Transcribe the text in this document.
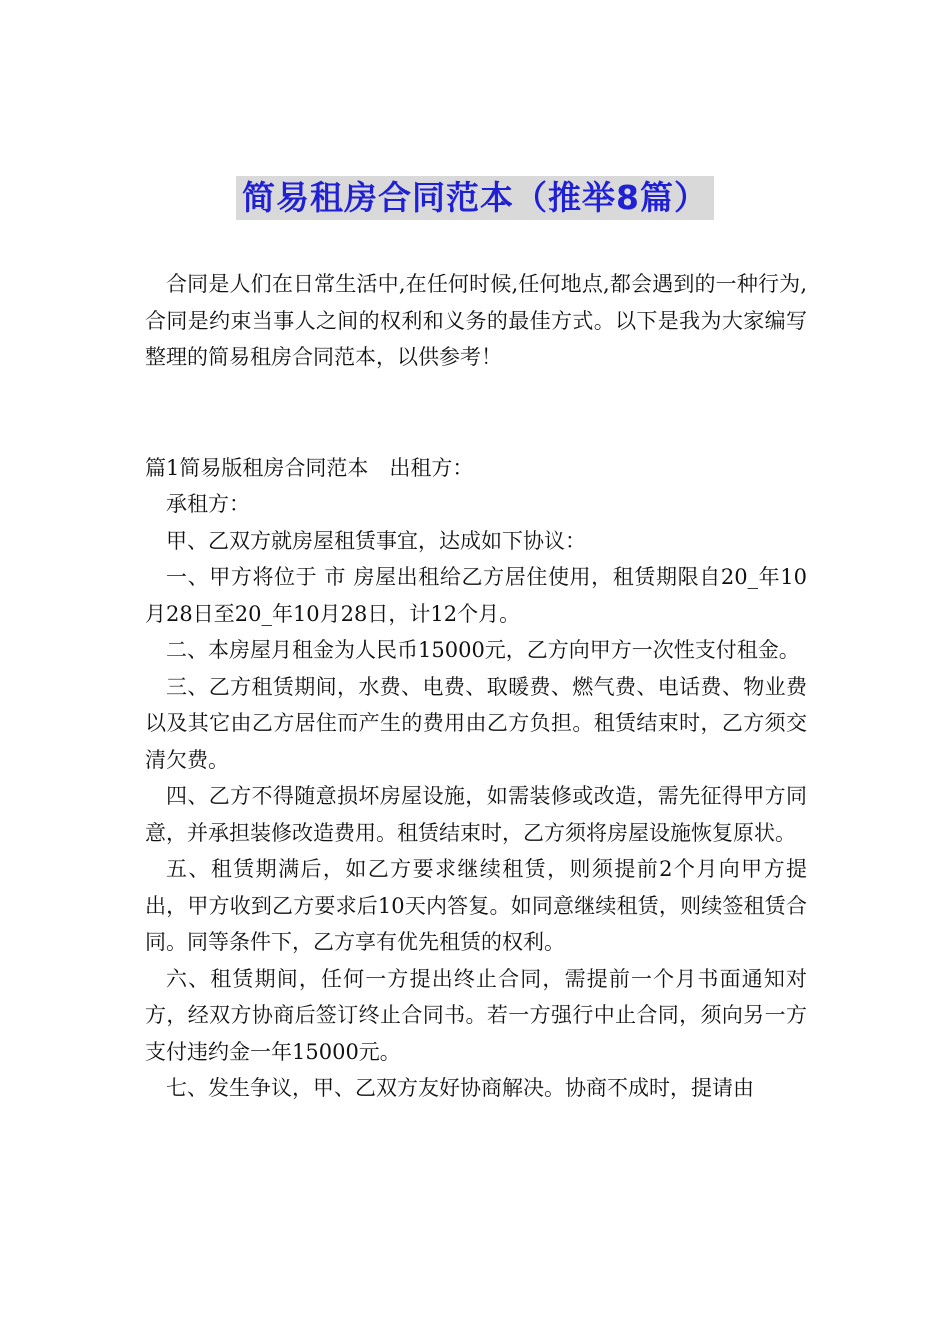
简易租房合同范本（推举8篇）

合同是人们在日常生活中,在任何时候,任何地点,都会遇到的一种行为,合同是约束当事人之间的权利和义务的最佳方式。以下是我为大家编写整理的简易租房合同范本，以供参考！

篇1简易版租房合同范本　出租方：

承租方：

甲、乙双方就房屋租赁事宜，达成如下协议：

一、甲方将位于 市 房屋出租给乙方居住使用，租赁期限自20_年10月28日至20_年10月28日，计12个月。

二、本房屋月租金为人民币15000元，乙方向甲方一次性支付租金。

三、乙方租赁期间，水费、电费、取暖费、燃气费、电话费、物业费以及其它由乙方居住而产生的费用由乙方负担。租赁结束时，乙方须交清欠费。

四、乙方不得随意损坏房屋设施，如需装修或改造，需先征得甲方同意，并承担装修改造费用。租赁结束时，乙方须将房屋设施恢复原状。

五、租赁期满后，如乙方要求继续租赁，则须提前2个月向甲方提出，甲方收到乙方要求后10天内答复。如同意继续租赁，则续签租赁合同。同等条件下，乙方享有优先租赁的权利。

六、租赁期间，任何一方提出终止合同，需提前一个月书面通知对方，经双方协商后签订终止合同书。若一方强行中止合同，须向另一方支付违约金一年15000元。

七、发生争议，甲、乙双方友好协商解决。协商不成时，提请由
